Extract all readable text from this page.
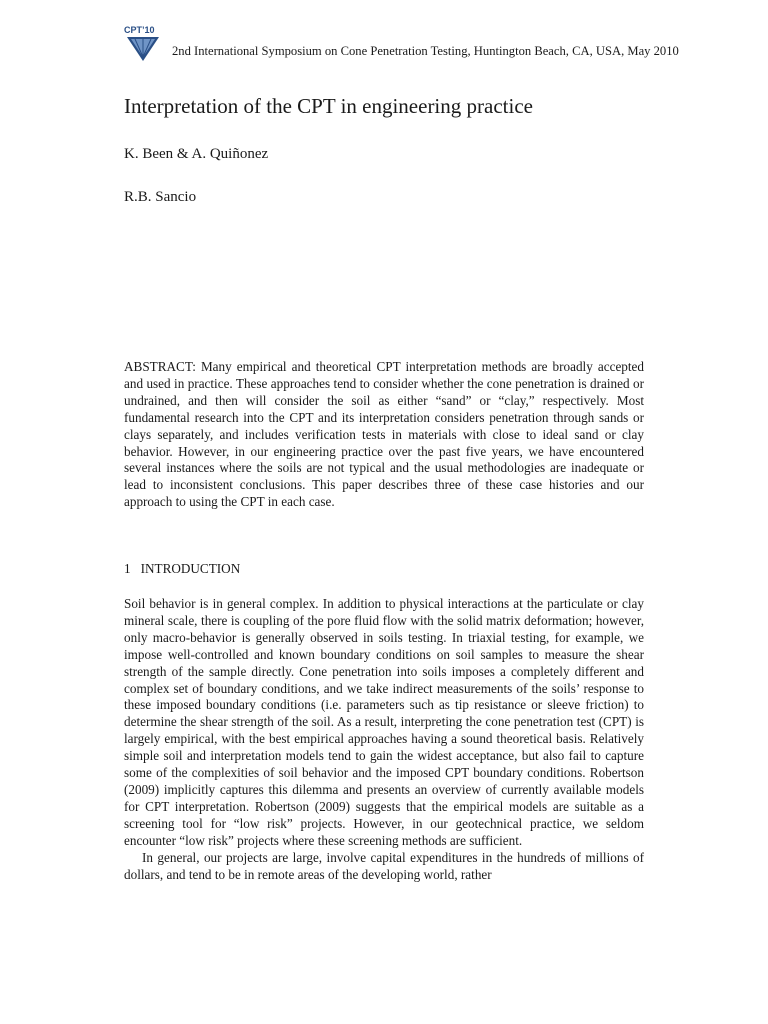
CPT’10
2nd International Symposium on Cone Penetration Testing, Huntington Beach, CA, USA, May 2010
Interpretation of the CPT in engineering practice
K. Been & A. Quiñonez
R.B. Sancio
ABSTRACT: Many empirical and theoretical CPT interpretation methods are broadly accepted and used in practice. These approaches tend to consider whether the cone penetration is drained or undrained, and then will consider the soil as either “sand” or “clay,” respectively. Most fundamental research into the CPT and its interpretation considers penetration through sands or clays separately, and includes verification tests in materials with close to ideal sand or clay behavior. However, in our engineering practice over the past five years, we have encountered several instances where the soils are not typical and the usual methodologies are inadequate or lead to inconsistent conclusions. This paper describes three of these case histories and our approach to using the CPT in each case.
1 INTRODUCTION

Soil behavior is in general complex. In addition to physical interactions at the particulate or clay mineral scale, there is coupling of the pore fluid flow with the solid matrix deformation; however, only macro-behavior is generally observed in soils testing. In triaxial testing, for example, we impose well-controlled and known boundary conditions on soil samples to measure the shear strength of the sample directly. Cone penetration into soils imposes a completely different and complex set of boundary conditions, and we take indirect measurements of the soils’ response to these imposed boundary conditions (i.e. parameters such as tip resistance or sleeve friction) to determine the shear strength of the soil. As a result, interpreting the cone penetration test (CPT) is largely empirical, with the best empirical approaches having a sound theoretical basis. Relatively simple soil and interpretation models tend to gain the widest acceptance, but also fail to capture some of the complexities of soil behavior and the imposed CPT boundary conditions. Robertson (2009) implicitly captures this dilemma and presents an overview of currently available models for CPT interpretation. Robertson (2009) suggests that the empirical models are suitable as a screening tool for “low risk” projects. However, in our geotechnical practice, we seldom encounter “low risk” projects where these screening methods are sufficient.

In general, our projects are large, involve capital expenditures in the hundreds of millions of dollars, and tend to be in remote areas of the developing world, rather
